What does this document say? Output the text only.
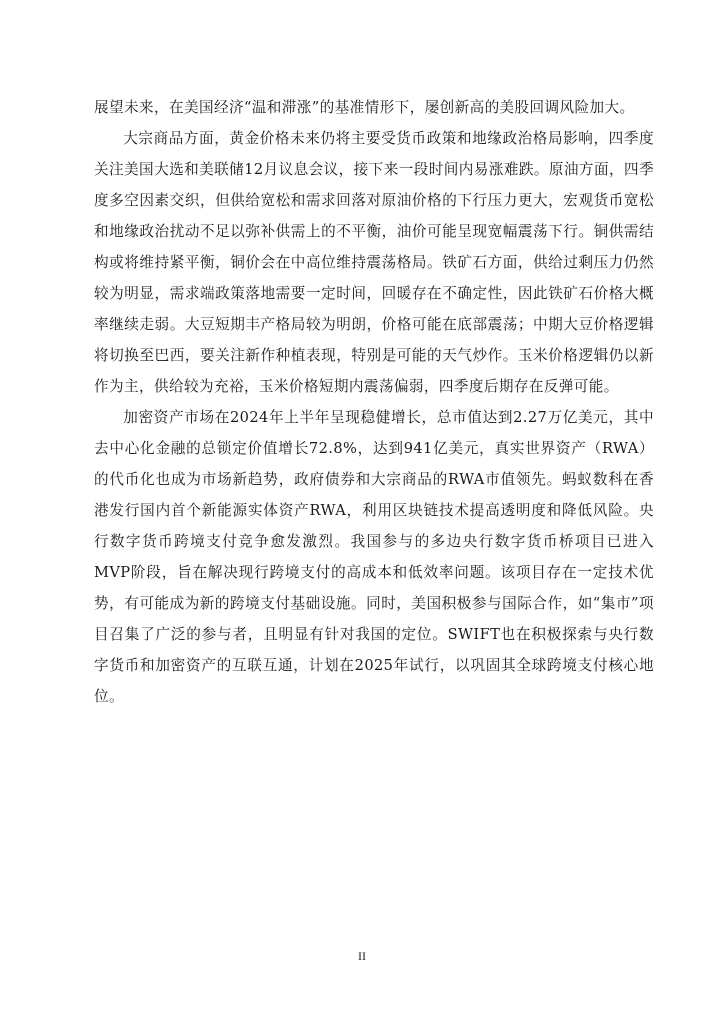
展望未来，在美国经济“温和滞涨”的基准情形下，屡创新高的美股回调风险加大。

大宗商品方面，黄金价格未来仍将主要受货币政策和地缘政治格局影响，四季度关注美国大选和美联储12月议息会议，接下来一段时间内易涨难跌。原油方面，四季度多空因素交织，但供给宽松和需求回落对原油价格的下行压力更大，宏观货币宽松和地缘政治扰动不足以弥补供需上的不平衡，油价可能呈现宽幅震荡下行。铜供需结构或将维持紧平衡，铜价会在中高位维持震荡格局。铁矿石方面，供给过剩压力仍然较为明显，需求端政策落地需要一定时间，回暖存在不确定性，因此铁矿石价格大概率继续走弱。大豆短期丰产格局较为明朗，价格可能在底部震荡；中期大豆价格逻辑将切换至巴西，要关注新作种植表现，特别是可能的天气炒作。玉米价格逻辑仍以新作为主，供给较为充裕，玉米价格短期内震荡偏弱，四季度后期存在反弹可能。

加密资产市场在2024年上半年呈现稳健增长，总市值达到2.27万亿美元，其中去中心化金融的总锁定价值增长72.8%，达到941亿美元，真实世界资产（RWA）的代币化也成为市场新趋势，政府债券和大宗商品的RWA市值领先。蚂蚁数科在香港发行国内首个新能源实体资产RWA，利用区块链技术提高透明度和降低风险。央行数字货币跨境支付竞争愈发激烈。我国参与的多边央行数字货币桥项目已进入MVP阶段，旨在解决现行跨境支付的高成本和低效率问题。该项目存在一定技术优势，有可能成为新的跨境支付基础设施。同时，美国积极参与国际合作，如“集市”项目召集了广泛的参与者，且明显有针对我国的定位。SWIFT也在积极探索与央行数字货币和加密资产的互联互通，计划在2025年试行，以巩固其全球跨境支付核心地位。

II
